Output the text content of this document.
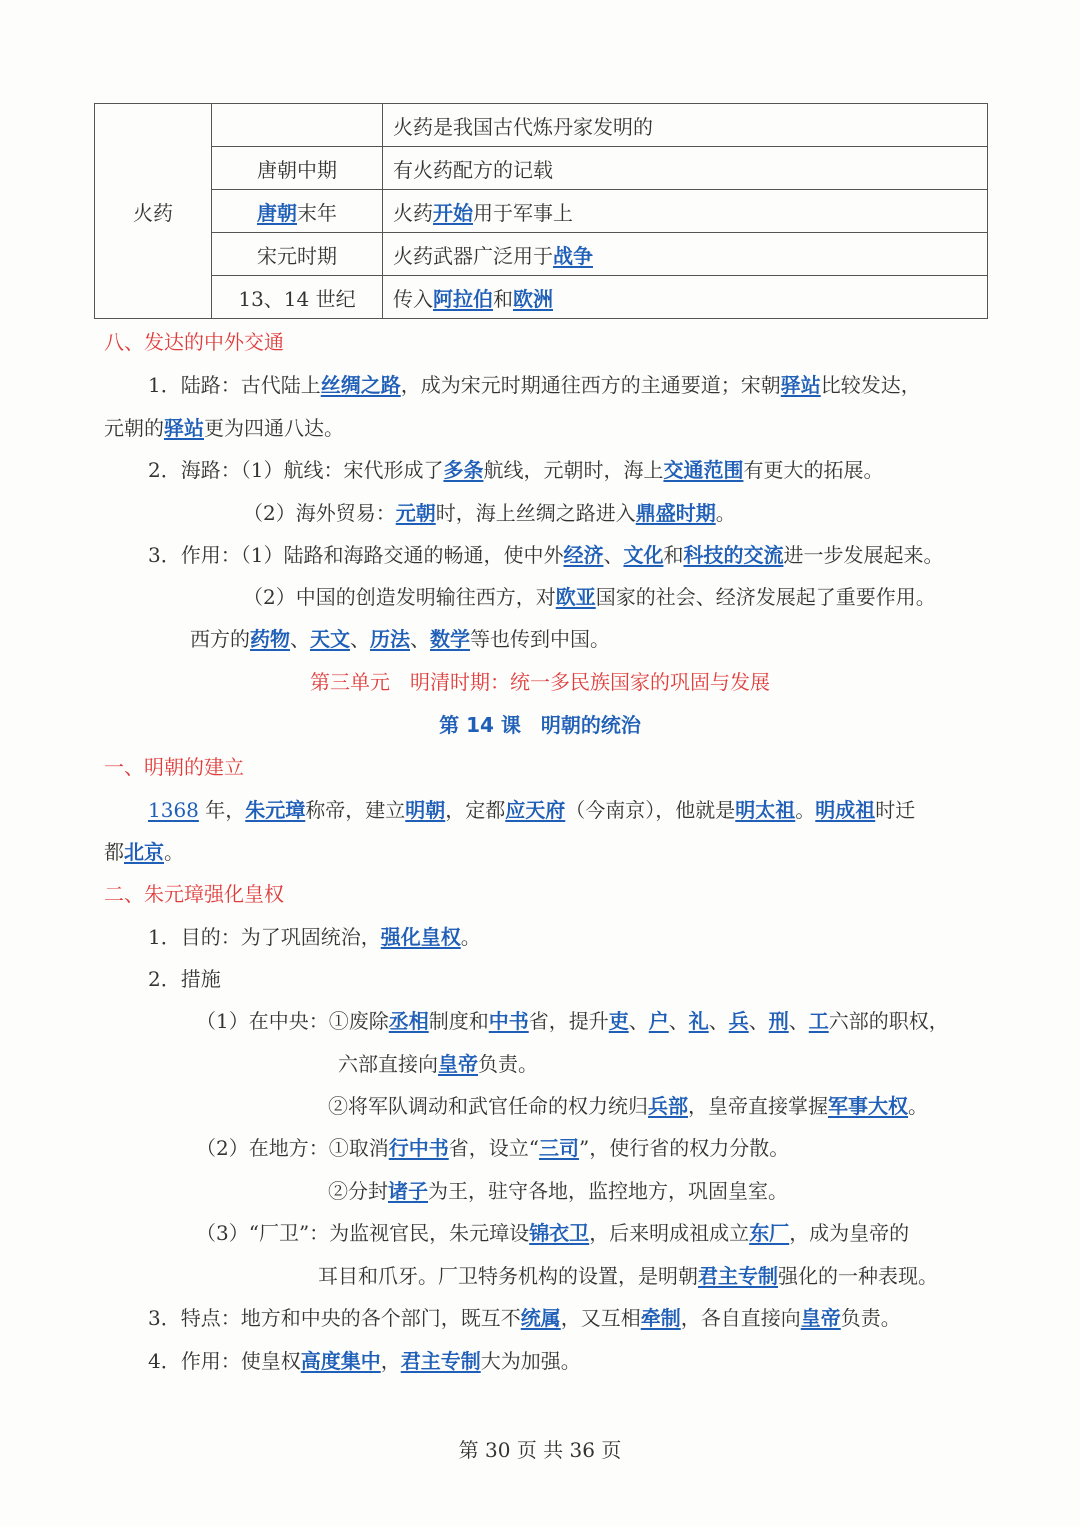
火药		火药是我国古代炼丹家发明的
	唐朝中期	有火药配方的记载
	唐朝末年	火药开始用于军事上
	宋元时期	火药武器广泛用于战争
	13、14 世纪	传入阿拉伯和欧洲
八、发达的中外交通
1．陆路：古代陆上丝绸之路，成为宋元时期通往西方的主通要道；宋朝驿站比较发达，
元朝的驿站更为四通八达。
2．海路：（1）航线：宋代形成了多条航线，元朝时，海上交通范围有更大的拓展。
（2）海外贸易：元朝时，海上丝绸之路进入鼎盛时期。
3．作用：（1）陆路和海路交通的畅通，使中外经济、文化和科技的交流进一步发展起来。
（2）中国的创造发明输往西方，对欧亚国家的社会、经济发展起了重要作用。
西方的药物、天文、历法、数学等也传到中国。
第三单元　明清时期：统一多民族国家的巩固与发展
第 14 课　明朝的统治
一、明朝的建立
1368 年，朱元璋称帝，建立明朝，定都应天府（今南京），他就是明太祖。明成祖时迁
都北京。
二、朱元璋强化皇权
1．目的：为了巩固统治，强化皇权。
2．措施
（1）在中央：①废除丞相制度和中书省，提升吏、户、礼、兵、刑、工六部的职权，
六部直接向皇帝负责。
②将军队调动和武官任命的权力统归兵部，皇帝直接掌握军事大权。
（2）在地方：①取消行中书省，设立“三司”，使行省的权力分散。
②分封诸子为王，驻守各地，监控地方，巩固皇室。
（3）“厂卫”：为监视官民，朱元璋设锦衣卫，后来明成祖成立东厂，成为皇帝的
耳目和爪牙。厂卫特务机构的设置，是明朝君主专制强化的一种表现。
3．特点：地方和中央的各个部门，既互不统属，又互相牵制，各自直接向皇帝负责。
4．作用：使皇权高度集中，君主专制大为加强。
第 30 页 共 36 页
